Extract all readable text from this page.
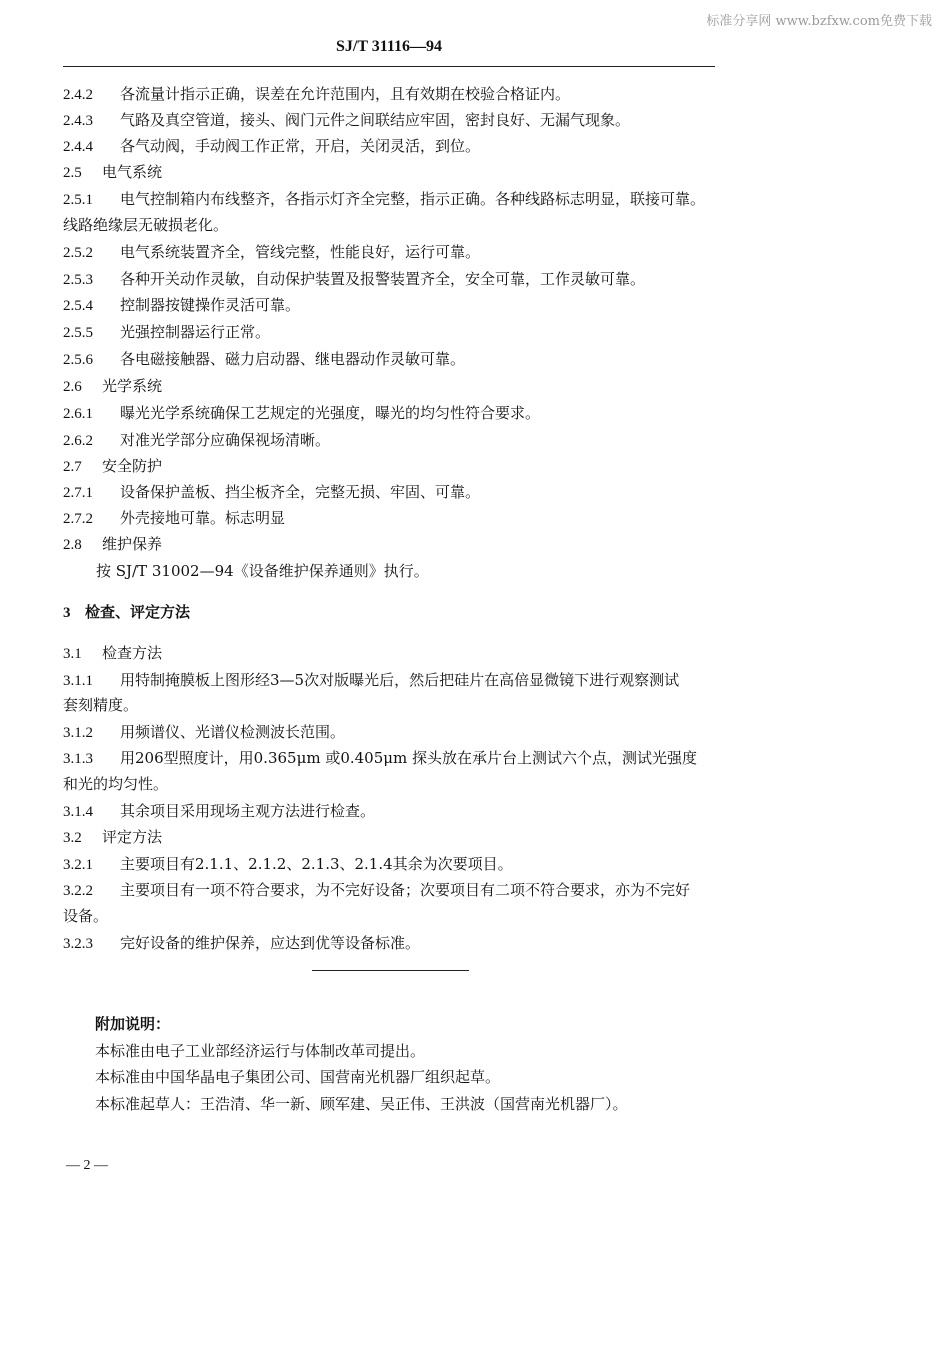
标准分享网 www.bzfxw.com免费下载
SJ/T 31116—94
2.4.2 各流量计指示正确，误差在允许范围内，且有效期在校验合格证内。
2.4.3 气路及真空管道，接头、阀门元件之间联结应牢固，密封良好、无漏气现象。
2.4.4 各气动阀，手动阀工作正常，开启，关闭灵活，到位。
2.5 电气系统
2.5.1 电气控制箱内布线整齐，各指示灯齐全完整，指示正确。各种线路标志明显，联接可靠。
线路绝缘层无破损老化。
2.5.2 电气系统装置齐全，管线完整，性能良好，运行可靠。
2.5.3 各种开关动作灵敏，自动保护装置及报警装置齐全，安全可靠，工作灵敏可靠。
2.5.4 控制器按键操作灵活可靠。
2.5.5 光强控制器运行正常。
2.5.6 各电磁接触器、磁力启动器、继电器动作灵敏可靠。
2.6 光学系统
2.6.1 曝光光学系统确保工艺规定的光强度，曝光的均匀性符合要求。
2.6.2 对准光学部分应确保视场清晰。
2.7 安全防护
2.7.1 设备保护盖板、挡尘板齐全，完整无损、牢固、可靠。
2.7.2 外壳接地可靠。标志明显
2.8 维护保养
按 SJ/T 31002—94《设备维护保养通则》执行。
3 检查、评定方法
3.1 检查方法
3.1.1 用特制掩膜板上图形经3—5次对版曝光后，然后把硅片在高倍显微镜下进行观察测试
套刻精度。
3.1.2 用频谱仪、光谱仪检测波长范围。
3.1.3 用206型照度计，用0.365μm 或0.405μm 探头放在承片台上测试六个点，测试光强度
和光的均匀性。
3.1.4 其余项目采用现场主观方法进行检查。
3.2 评定方法
3.2.1 主要项目有2.1.1、2.1.2、2.1.3、2.1.4其余为次要项目。
3.2.2 主要项目有一项不符合要求，为不完好设备；次要项目有二项不符合要求，亦为不完好
设备。
3.2.3 完好设备的维护保养，应达到优等设备标准。
附加说明：
本标准由电子工业部经济运行与体制改革司提出。
本标准由中国华晶电子集团公司、国营南光机器厂组织起草。
本标准起草人：王浩清、华一新、顾军建、吴正伟、王洪波（国营南光机器厂）。
— 2 —
